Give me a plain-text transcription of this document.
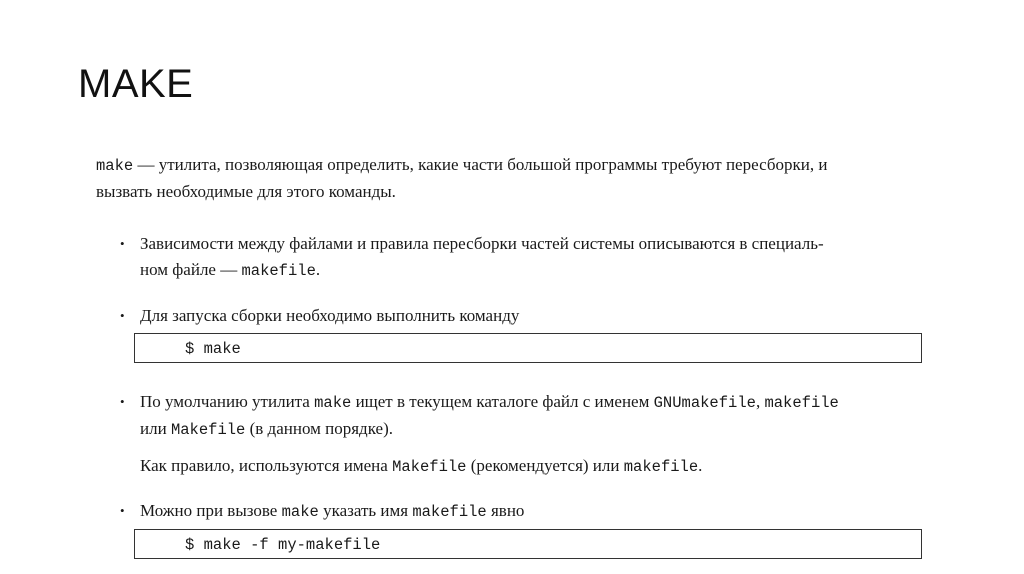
MAKE

make — утилита, позволяющая определить, какие части большой программы требуют пересборки, и
вызвать необходимые для этого команды.

• Зависимости между файлами и правила пересборки частей системы описываются в специаль-
ном файле — makefile.
• Для запуска сборки необходимо выполнить команду
$ make
• По умолчанию утилита make ищет в текущем каталоге файл с именем GNUmakefile, makefile
или Makefile (в данном порядке).
Как правило, используются имена Makefile (рекомендуется) или makefile.
• Можно при вызове make указать имя makefile явно
$ make -f my-makefile
